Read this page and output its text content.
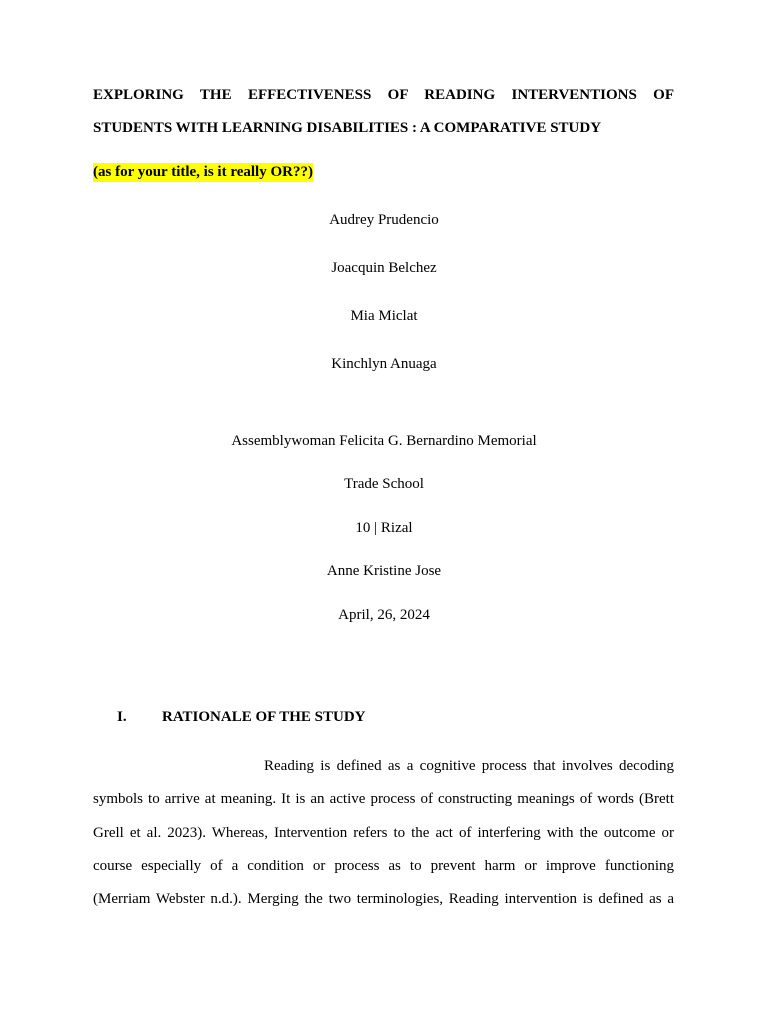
EXPLORING THE EFFECTIVENESS OF READING INTERVENTIONS OF
STUDENTS WITH LEARNING DISABILITIES : A COMPARATIVE STUDY
(as for your title, is it really OR??)
Audrey Prudencio
Joacquin Belchez
Mia Miclat
Kinchlyn Anuaga
Assemblywoman Felicita G. Bernardino Memorial
Trade School
10 | Rizal
Anne Kristine Jose
April, 26, 2024
I. RATIONALE OF THE STUDY
Reading is defined as a cognitive process that involves decoding
symbols to arrive at meaning. It is an active process of constructing meanings of words (Brett
Grell et al. 2023). Whereas, Intervention refers to the act of interfering with the outcome or
course especially of a condition or process as to prevent harm or improve functioning
(Merriam Webster n.d.). Merging the two terminologies, Reading intervention is defined as a
